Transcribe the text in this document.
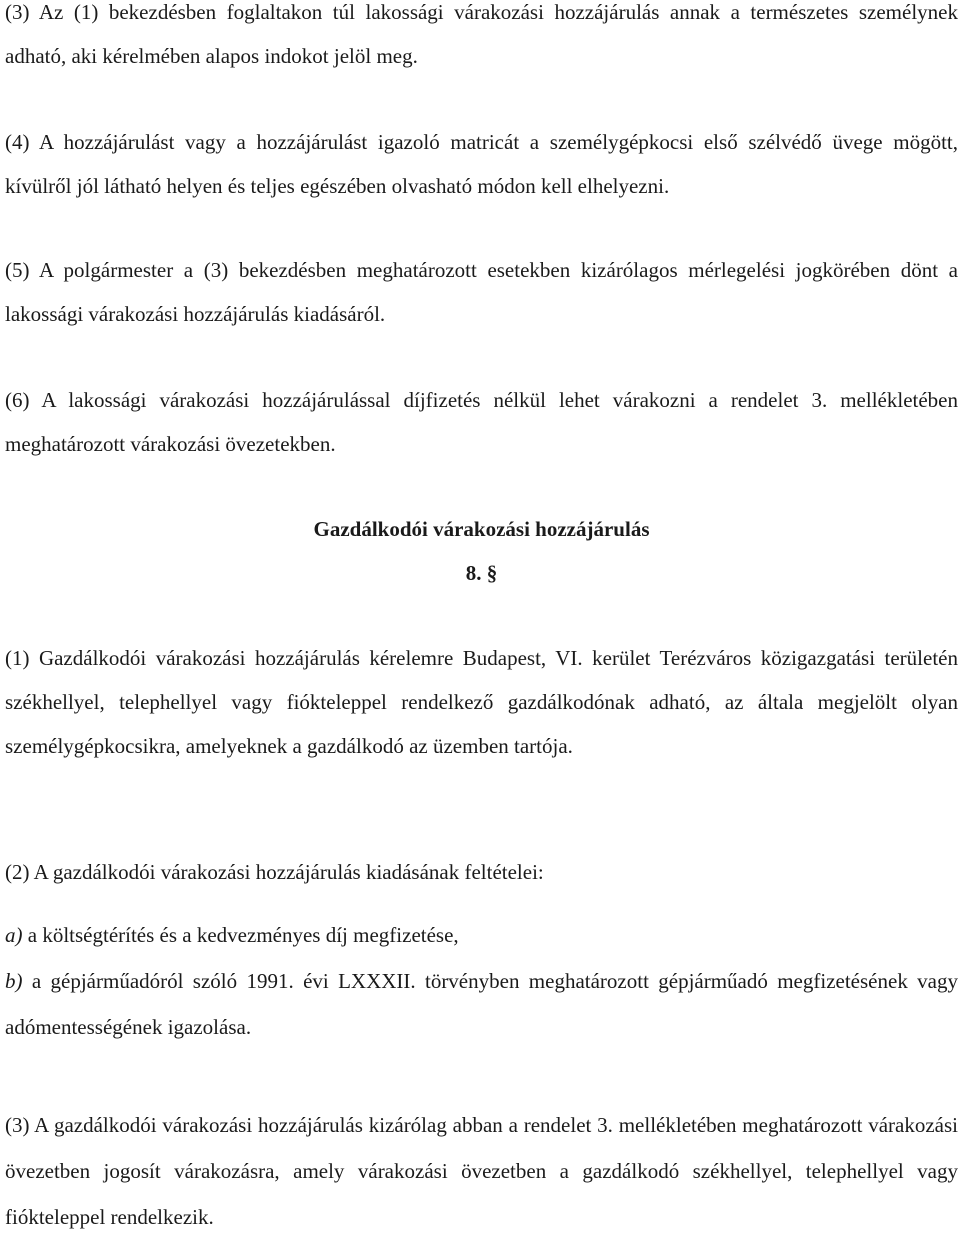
(3) Az (1) bekezdésben foglaltakon túl lakossági várakozási hozzájárulás annak a természetes személynek adható, aki kérelmében alapos indokot jelöl meg.

(4) A hozzájárulást vagy a hozzájárulást igazoló matricát a személygépkocsi első szélvédő üvege mögött, kívülről jól látható helyen és teljes egészében olvasható módon kell elhelyezni.

(5) A polgármester a (3) bekezdésben meghatározott esetekben kizárólagos mérlegelési jogkörében dönt a lakossági várakozási hozzájárulás kiadásáról.

(6) A lakossági várakozási hozzájárulással díjfizetés nélkül lehet várakozni a rendelet 3. mellékletében meghatározott várakozási övezetekben.

Gazdálkodói várakozási hozzájárulás
8. §

(1) Gazdálkodói várakozási hozzájárulás kérelemre Budapest, VI. kerület Terézváros közigazgatási területén székhellyel, telephellyel vagy fiókteleppel rendelkező gazdálkodónak adható, az általa megjelölt olyan személygépkocsikra, amelyeknek a gazdálkodó az üzemben tartója.

(2) A gazdálkodói várakozási hozzájárulás kiadásának feltételei:

a) a költségtérítés és a kedvezményes díj megfizetése,

b) a gépjárműadóról szóló 1991. évi LXXXII. törvényben meghatározott gépjárműadó megfizetésének vagy adómentességének igazolása.

(3) A gazdálkodói várakozási hozzájárulás kizárólag abban a rendelet 3. mellékletében meghatározott várakozási övezetben jogosít várakozásra, amely várakozási övezetben a gazdálkodó székhellyel, telephellyel vagy fiókteleppel rendelkezik.
